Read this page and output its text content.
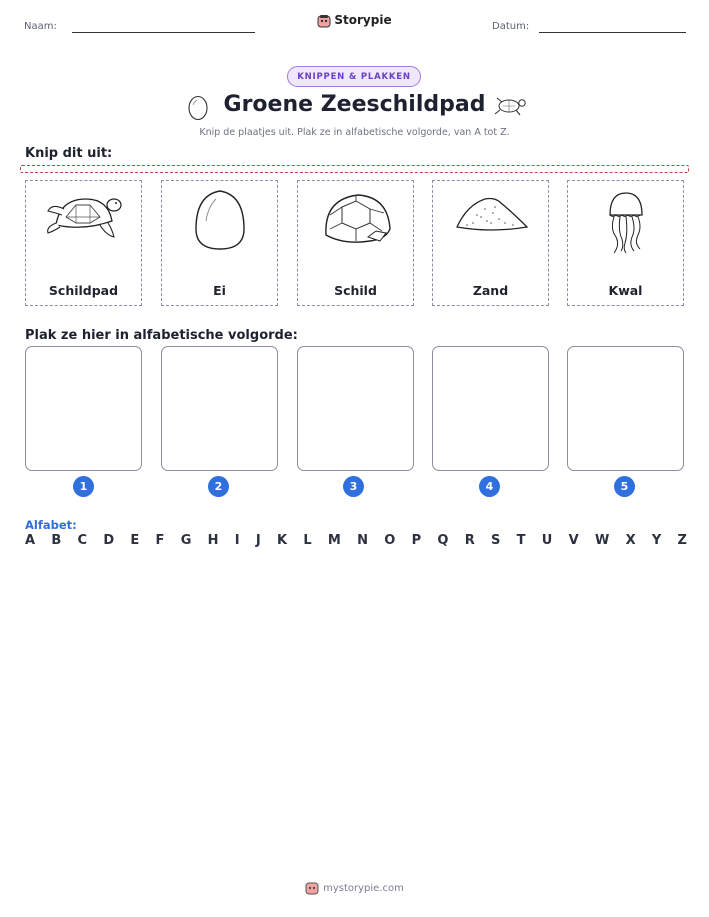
Naam:	Storypie	Datum:
KNIPPEN & PLAKKEN
Groene Zeeschildpad
Knip de plaatjes uit. Plak ze in alfabetische volgorde, van A tot Z.
Knip dit uit:
Schildpad	Ei	Schild	Zand	Kwal
Plak ze hier in alfabetische volgorde:
1	2	3	4	5
Alfabet:
A B C D E F G H I J K L M N O P Q R S T U V W X Y Z
mystorypie.com
